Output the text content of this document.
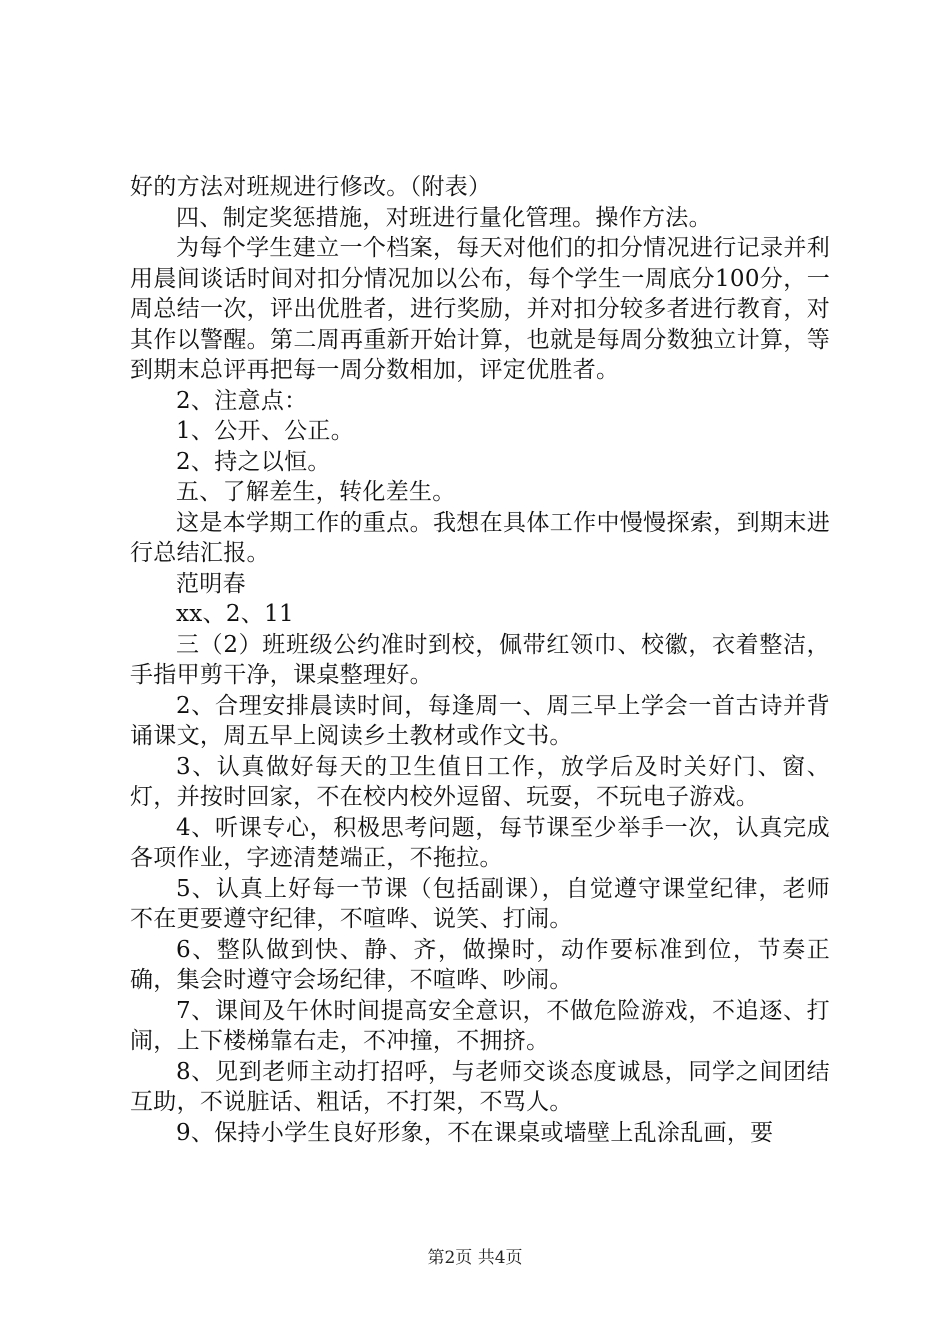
好的方法对班规进行修改。（附表）

四、制定奖惩措施，对班进行量化管理。操作方法。

为每个学生建立一个档案，每天对他们的扣分情况进行记录并利用晨间谈话时间对扣分情况加以公布，每个学生一周底分100分，一周总结一次，评出优胜者，进行奖励，并对扣分较多者进行教育，对其作以警醒。第二周再重新开始计算，也就是每周分数独立计算，等到期末总评再把每一周分数相加，评定优胜者。

2、注意点：

1、公开、公正。

2、持之以恒。

五、了解差生，转化差生。

这是本学期工作的重点。我想在具体工作中慢慢探索，到期末进行总结汇报。

范明春

xx、2、11

三（2）班班级公约准时到校，佩带红领巾、校徽，衣着整洁，手指甲剪干净，课桌整理好。

2、合理安排晨读时间，每逢周一、周三早上学会一首古诗并背诵课文，周五早上阅读乡土教材或作文书。

3、认真做好每天的卫生值日工作，放学后及时关好门、窗、灯，并按时回家，不在校内校外逗留、玩耍，不玩电子游戏。

4、听课专心，积极思考问题，每节课至少举手一次，认真完成各项作业，字迹清楚端正，不拖拉。

5、认真上好每一节课（包括副课），自觉遵守课堂纪律，老师不在更要遵守纪律，不喧哗、说笑、打闹。

6、整队做到快、静、齐，做操时，动作要标准到位，节奏正确，集会时遵守会场纪律，不喧哗、吵闹。

7、课间及午休时间提高安全意识，不做危险游戏，不追逐、打闹，上下楼梯靠右走，不冲撞，不拥挤。

8、见到老师主动打招呼，与老师交谈态度诚恳，同学之间团结互助，不说脏话、粗话，不打架，不骂人。

9、保持小学生良好形象，不在课桌或墙壁上乱涂乱画，要

第2页 共4页
